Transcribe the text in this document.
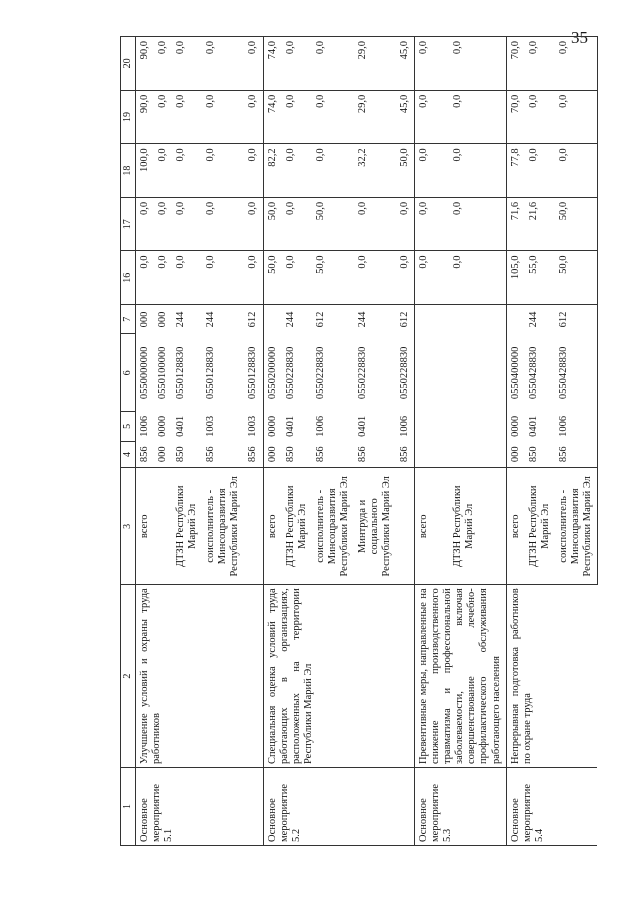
35
1	2	3	4	5	6	7	16	17	18	19	20
Основное мероприятие 5.1	Улучшение условий и охраны труда работников	всего	856	1006	0550000000	000	0,0	0,0	100,0	90,0	90,0
			000	0000	0550100000	000	0,0	0,0	0,0	0,0	0,0
		ДТЗН Республики Марий Эл	850	0401	0550128830	244	0,0	0,0	0,0	0,0	0,0
		соисполнитель - Минсоцразвития Республики Марий Эл	856	1003	0550128830	244	0,0	0,0	0,0	0,0	0,0
			856	1003	0550128830	612	0,0	0,0	0,0	0,0	0,0
Основное мероприятие 5.2	Специальная оценка условий труда работающих в организациях, расположенных на территории Республики Марий Эл	всего	000	0000	0550200000		50,0	50,0	82,2	74,0	74,0
		ДТЗН Республики Марий Эл	850	0401	0550228830	244	0,0	0,0	0,0	0,0	0,0
		соисполнитель - Минсоцразвития Республики Марий Эл	856	1006	0550228830	612	50,0	50,0	0,0	0,0	0,0
		Минтруда и социального Республики Марий Эл	856	0401	0550228830	244	0,0	0,0	32,2	29,0	29,0
			856	1006	0550228830	612	0,0	0,0	50,0	45,0	45,0
Основное мероприятие 5.3	Превентивные меры, направленные на снижение производственного травматизма и профессиональной заболеваемости, включая совершенствование лечебно-профилактического обслуживания работающего населения	всего					0,0	0,0	0,0	0,0	0,0
		ДТЗН Республики Марий Эл					0,0	0,0	0,0	0,0	0,0
Основное мероприятие 5.4	Непрерывная подготовка работников по охране труда	всего	000	0000	0550400000		105,0	71,6	77,8	70,0	70,0
		ДТЗН Республики Марий Эл	850	0401	0550428830	244	55,0	21,6	0,0	0,0	0,0
		соисполнитель - Минсоцразвития Республики Марий Эл	856	1006	0550428830	612	50,0	50,0	0,0	0,0	0,0
